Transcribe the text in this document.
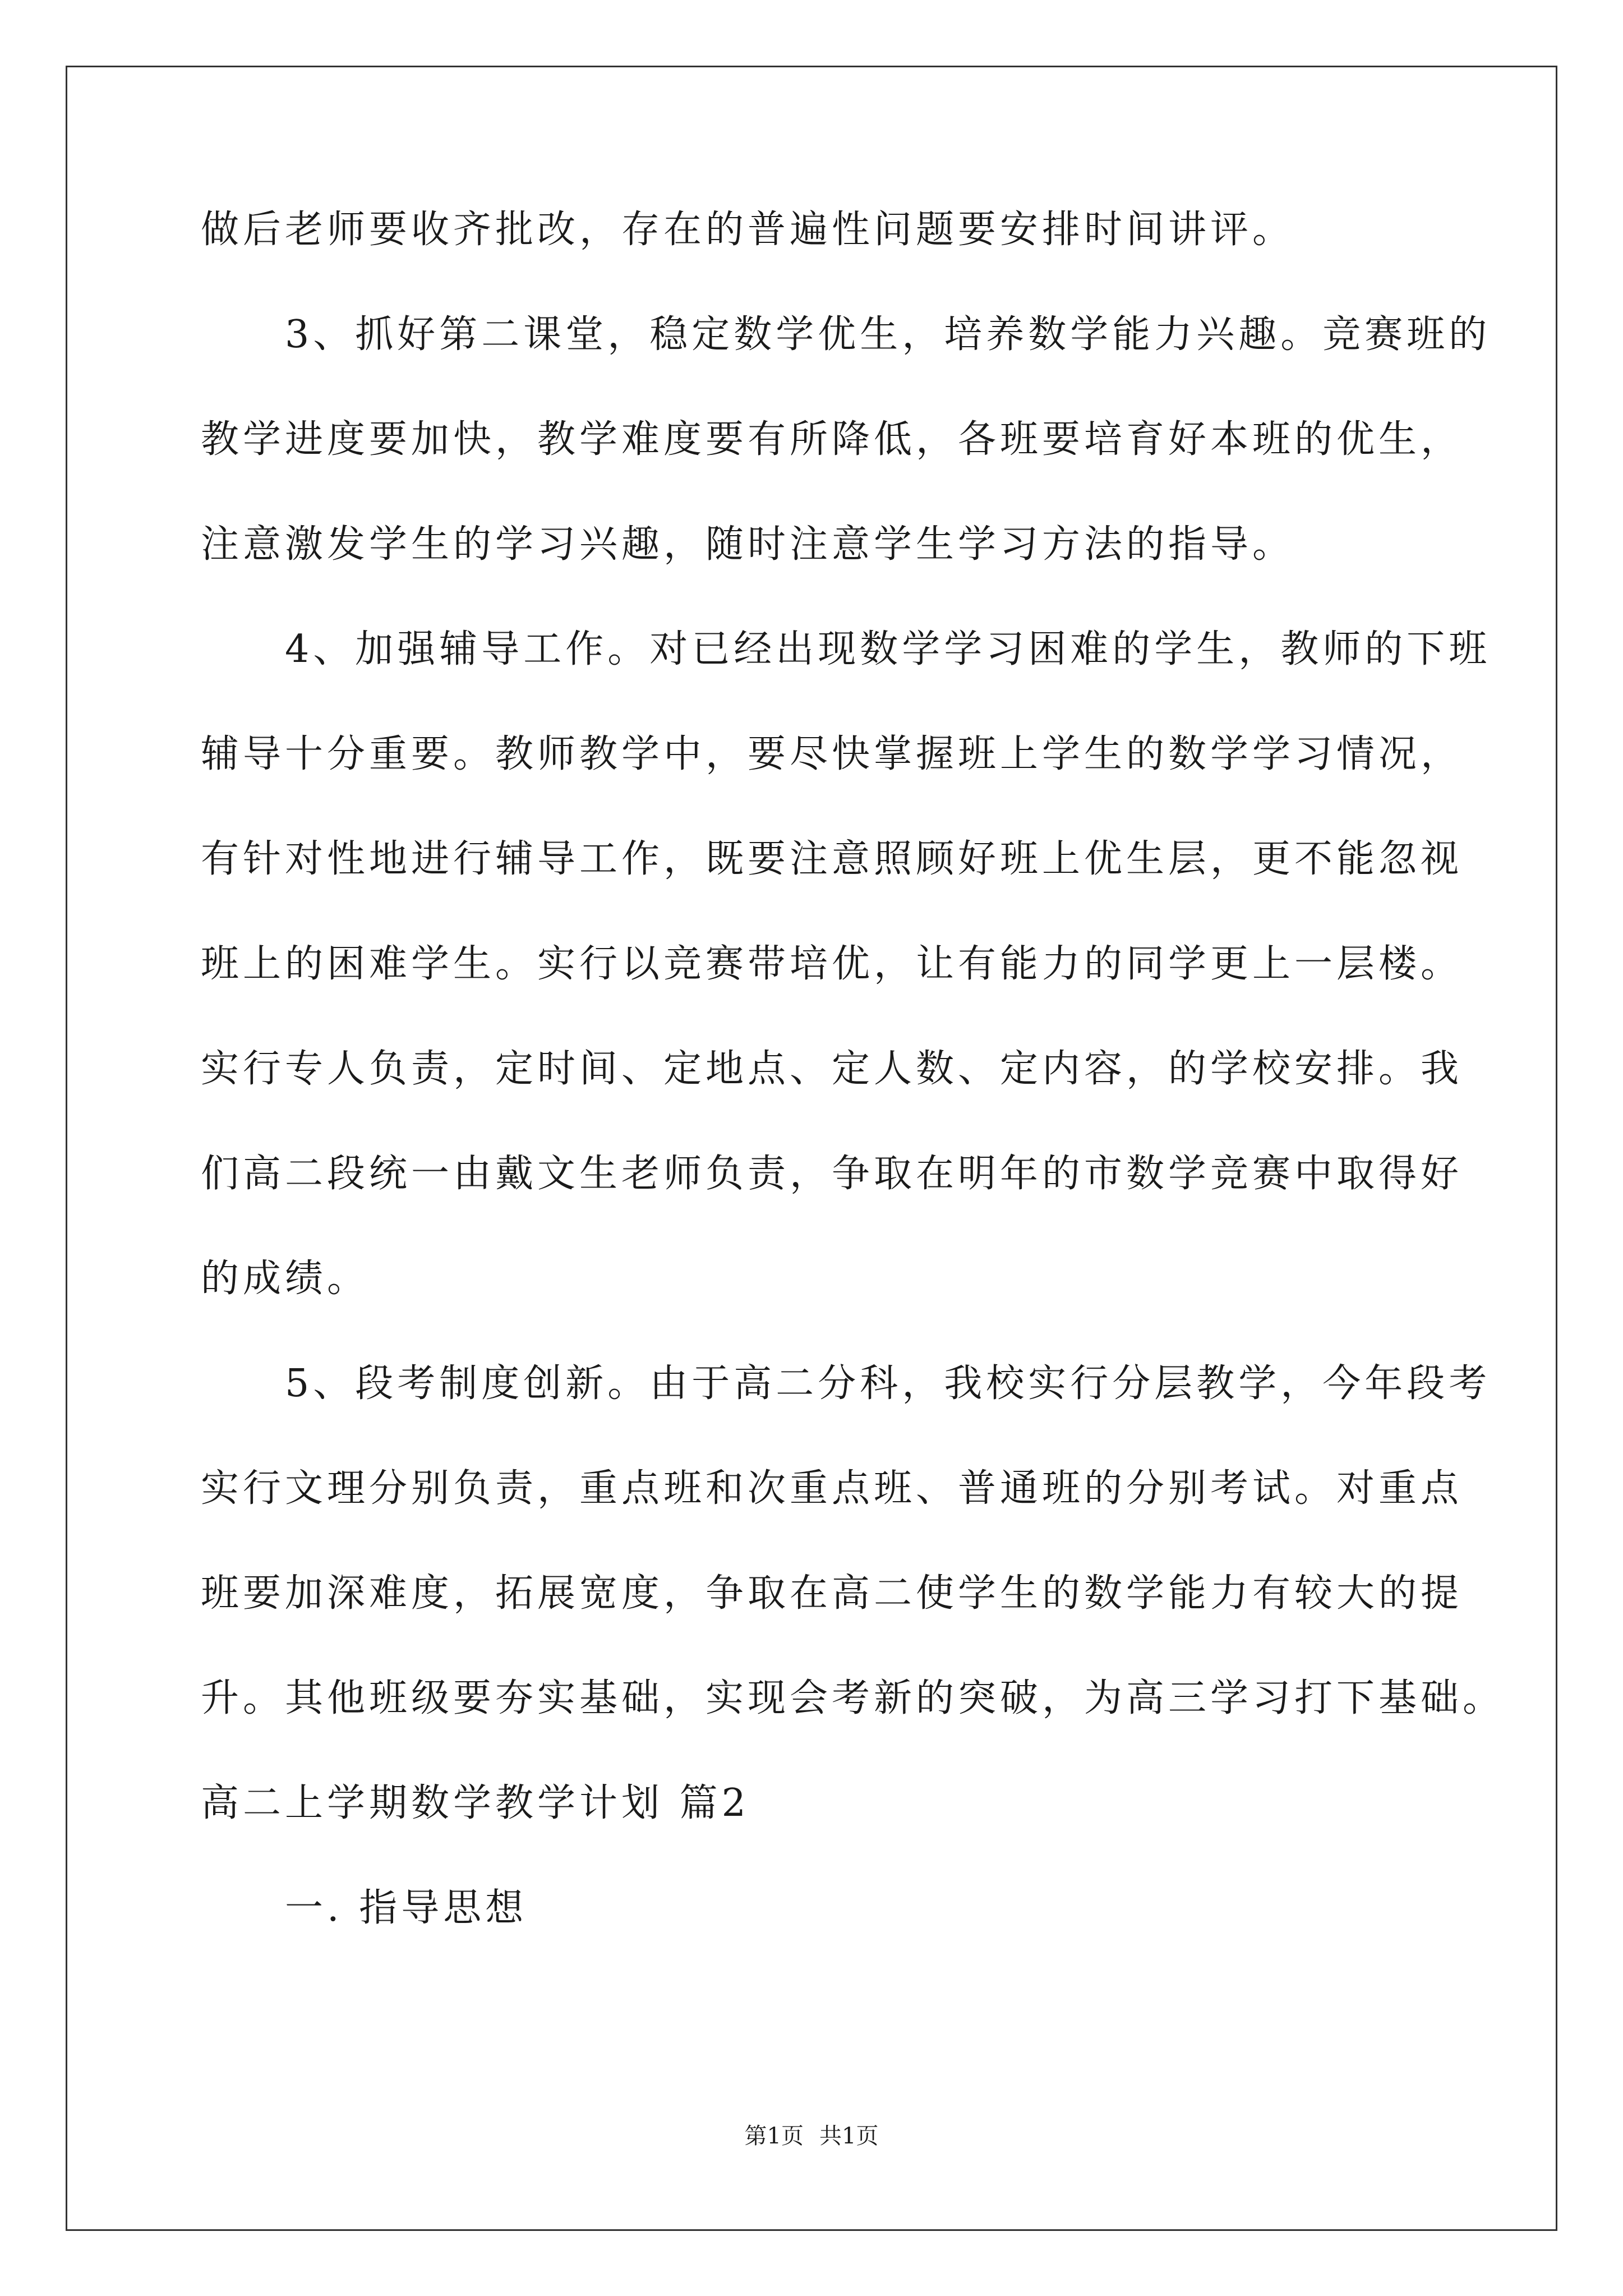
做后老师要收齐批改，存在的普遍性问题要安排时间讲评。
　　3、抓好第二课堂，稳定数学优生，培养数学能力兴趣。竞赛班的
教学进度要加快，教学难度要有所降低，各班要培育好本班的优生，
注意激发学生的学习兴趣，随时注意学生学习方法的指导。
　　4、加强辅导工作。对已经出现数学学习困难的学生，教师的下班
辅导十分重要。教师教学中，要尽快掌握班上学生的数学学习情况，
有针对性地进行辅导工作，既要注意照顾好班上优生层，更不能忽视
班上的困难学生。实行以竞赛带培优，让有能力的同学更上一层楼。
实行专人负责，定时间、定地点、定人数、定内容，的学校安排。我
们高二段统一由戴文生老师负责，争取在明年的市数学竞赛中取得好
的成绩。
　　5、段考制度创新。由于高二分科，我校实行分层教学，今年段考
实行文理分别负责，重点班和次重点班、普通班的分别考试。对重点
班要加深难度，拓展宽度，争取在高二使学生的数学能力有较大的提
升。其他班级要夯实基础，实现会考新的突破，为高三学习打下基础。
高二上学期数学教学计划 篇2
　　一. 指导思想
第1页 共1页
